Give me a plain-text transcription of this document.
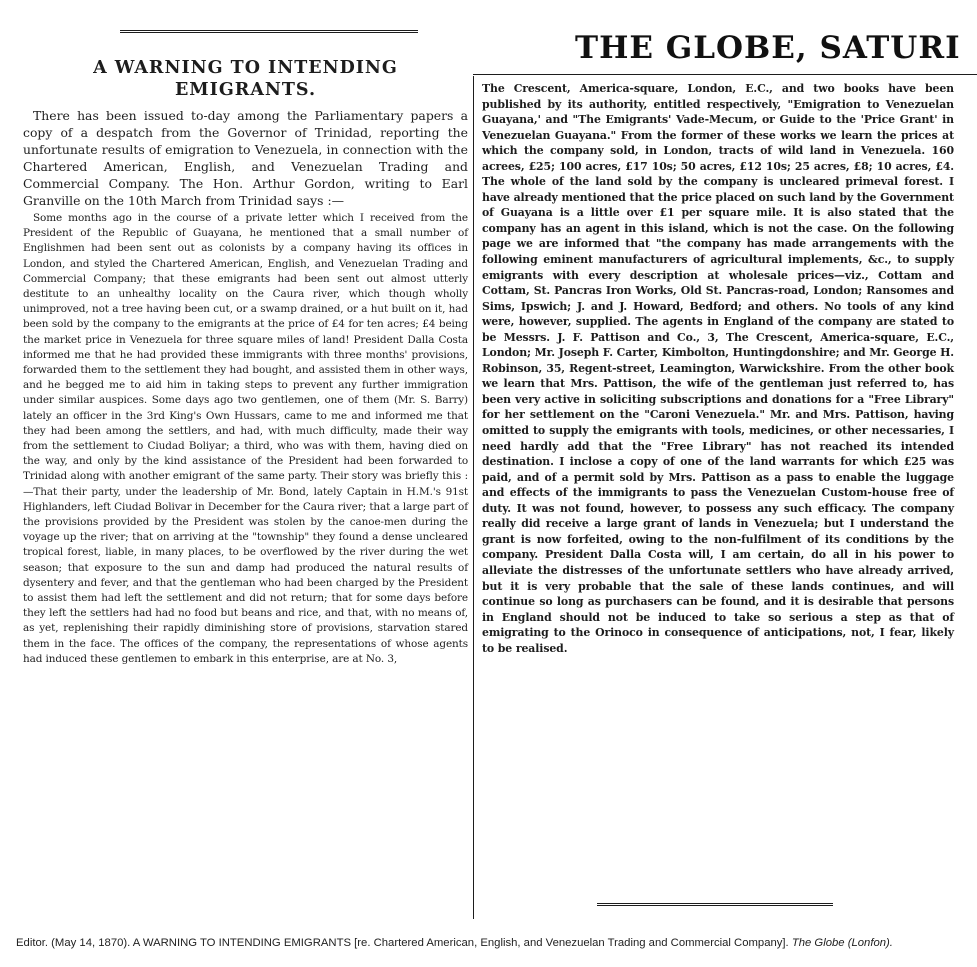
THE GLOBE, SATURI
A WARNING TO INTENDING
EMIGRANTS.

There has been issued to-day among the Parliamentary papers a copy of a despatch from the Governor of Trinidad, reporting the unfortunate results of emigration to Venezuela, in connection with the Chartered American, English, and Venezuelan Trading and Commercial Company. The Hon. Arthur Gordon, writing to Earl Granville on the 10th March from Trinidad says :—

Some months ago in the course of a private letter which I received from the President of the Republic of Guayana, he mentioned that a small number of Englishmen had been sent out as colonists by a company having its offices in London, and styled the Chartered American, English, and Venezuelan Trading and Commercial Company; that these emigrants had been sent out almost utterly destitute to an unhealthy locality on the Caura river, which though wholly unimproved, not a tree having been cut, or a swamp drained, or a hut built on it, had been sold by the company to the emigrants at the price of £4 for ten acres; £4 being the market price in Venezuela for three square miles of land! President Dalla Costa informed me that he had provided these immigrants with three months' provisions, forwarded them to the settlement they had bought, and assisted them in other ways, and he begged me to aid him in taking steps to prevent any further immigration under similar auspices. Some days ago two gentlemen, one of them (Mr. S. Barry) lately an officer in the 3rd King's Own Hussars, came to me and informed me that they had been among the settlers, and had, with much difficulty, made their way from the settlement to Ciudad Boliyar; a third, who was with them, having died on the way, and only by the kind assistance of the President had been forwarded to Trinidad along with another emigrant of the same party. Their story was briefly this :—That their party, under the leadership of Mr. Bond, lately Captain in H.M.'s 91st Highlanders, left Ciudad Bolivar in December for the Caura river; that a large part of the provisions provided by the President was stolen by the canoe-men during the voyage up the river; that on arriving at the "township" they found a dense uncleared tropical forest, liable, in many places, to be overflowed by the river during the wet season; that exposure to the sun and damp had produced the natural results of dysentery and fever, and that the gentleman who had been charged by the President to assist them had left the settlement and did not return; that for some days before they left the settlers had had no food but beans and rice, and that, with no means of, as yet, replenishing their rapidly diminishing store of provisions, starvation stared them in the face. The offices of the company, the representations of whose agents had induced these gentlemen to embark in this enterprise, are at No. 3,

The Crescent, America-square, London, E.C., and two books have been published by its authority, entitled respectively, "Emigration to Venezuelan Guayana,' and "The Emigrants' Vade-Mecum, or Guide to the 'Price Grant' in Venezuelan Guayana." From the former of these works we learn the prices at which the company sold, in London, tracts of wild land in Venezuela. 160 acrees, £25; 100 acres, £17 10s; 50 acres, £12 10s; 25 acres, £8; 10 acres, £4. The whole of the land sold by the company is uncleared primeval forest. I have already mentioned that the price placed on such land by the Government of Guayana is a little over £1 per square mile. It is also stated that the company has an agent in this island, which is not the case. On the following page we are informed that "the company has made arrangements with the following eminent manufacturers of agricultural implements, &c., to supply emigrants with every description at wholesale prices—viz., Cottam and Cottam, St. Pancras Iron Works, Old St. Pancras-road, London; Ransomes and Sims, Ipswich; J. and J. Howard, Bedford; and others. No tools of any kind were, however, supplied. The agents in England of the company are stated to be Messrs. J. F. Pattison and Co., 3, The Crescent, America-square, E.C., London; Mr. Joseph F. Carter, Kimbolton, Huntingdonshire; and Mr. George H. Robinson, 35, Regent-street, Leamington, Warwickshire. From the other book we learn that Mrs. Pattison, the wife of the gentleman just referred to, has been very active in soliciting subscriptions and donations for a "Free Library" for her settlement on the "Caroni Venezuela." Mr. and Mrs. Pattison, having omitted to supply the emigrants with tools, medicines, or other necessaries, I need hardly add that the "Free Library" has not reached its intended destination. I inclose a copy of one of the land warrants for which £25 was paid, and of a permit sold by Mrs. Pattison as a pass to enable the luggage and effects of the immigrants to pass the Venezuelan Custom-house free of duty. It was not found, however, to possess any such efficacy. The company really did receive a large grant of lands in Venezuela; but I understand the grant is now forfeited, owing to the non-fulfilment of its conditions by the company. President Dalla Costa will, I am certain, do all in his power to alleviate the distresses of the unfortunate settlers who have already arrived, but it is very probable that the sale of these lands continues, and will continue so long as purchasers can be found, and it is desirable that persons in England should not be induced to take so serious a step as that of emigrating to the Orinoco in consequence of anticipations, not, I fear, likely to be realised.

Editor. (May 14, 1870). A WARNING TO INTENDING EMIGRANTS [re. Chartered American, English, and Venezuelan Trading and Commercial Company]. The Globe (Lonfon).
